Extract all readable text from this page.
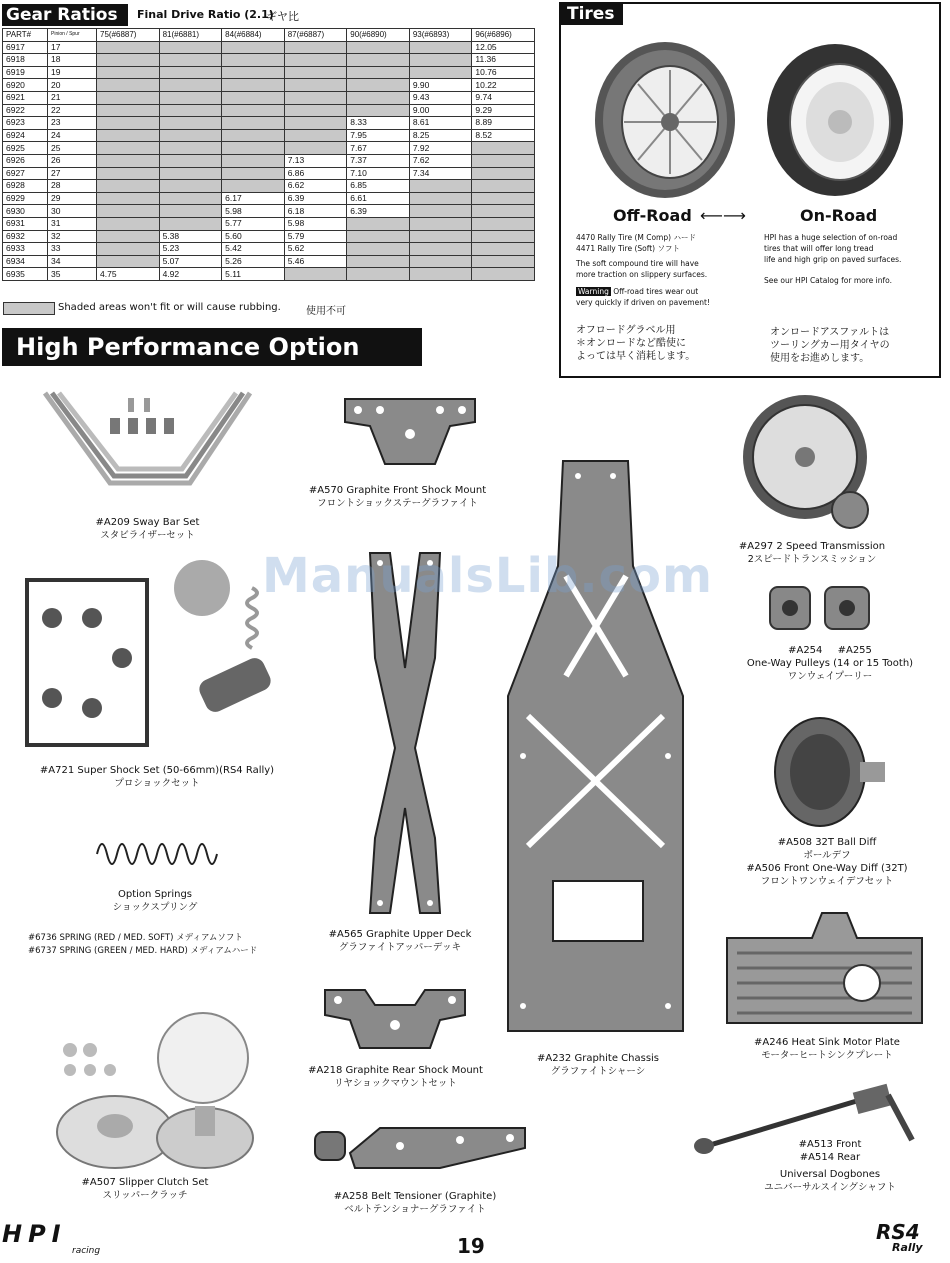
Gear Ratios	Final Drive Ratio (2.1)
ギヤ比
PART#	Pinion / Spur	75(#6887)	81(#6881)	84(#6884)	87(#6887)	90(#6890)	93(#6893)	96(#6896)
6917	17							12.05
6918	18							11.36
6919	19							10.76
6920	20						9.90	10.22
6921	21						9.43	9.74
6922	22						9.00	9.29
6923	23					8.33	8.61	8.89
6924	24					7.95	8.25	8.52
6925	25					7.67	7.92	
6926	26				7.13	7.37	7.62	
6927	27				6.86	7.10	7.34	
6928	28				6.62	6.85		
6929	29			6.17	6.39	6.61		
6930	30			5.98	6.18	6.39		
6931	31			5.77	5.98			
6932	32		5.38	5.60	5.79			
6933	33		5.23	5.42	5.62			
6934	34		5.07	5.26	5.46			
6935	35	4.75	4.92	5.11				
Shaded areas won't fit or will cause rubbing.	使用不可
Tires
Off-Road ⟵⟶	On-Road
4470 Rally Tire (M Comp) ハード
4471 Rally Tire (Soft) ソフト
The soft compound tire will have
more traction on slippery surfaces.
Warning Off-road tires wear out
very quickly if driven on pavement!
HPI has a huge selection of on-road
tires that will offer long tread
life and high grip on paved surfaces.
See our HPI Catalog for more info.
オフロードグラベル用
＊オンロードなど酷使に
よっては早く消耗します。
オンロードアスファルトは
ツーリングカー用タイヤの
使用をお進めします。
High Performance Option Parts
#A209 Sway Bar Set
スタビライザーセット
#A570 Graphite Front Shock Mount
フロントショックステーグラファイト
#A297 2 Speed Transmission
2スピードトランスミッション
#A254 #A255
One-Way Pulleys (14 or 15 Tooth)
ワンウェイプーリー
#A721 Super Shock Set (50-66mm)(RS4 Rally)
プロショックセット
Option Springs
ショックスプリング
#6736 SPRING (RED / MED. SOFT) メディアムソフト
#6737 SPRING (GREEN / MED. HARD) メディアムハード
#A565 Graphite Upper Deck
グラファイトアッパーデッキ
#A232 Graphite Chassis
グラファイトシャーシ
#A508 32T Ball Diff
ボールデフ
#A506 Front One-Way Diff (32T)
フロントワンウェイデフセット
#A246 Heat Sink Motor Plate
モーターヒートシンクプレート
#A218 Graphite Rear Shock Mount
リヤショックマウントセット
#A507 Slipper Clutch Set
スリッパークラッチ	#A258 Belt Tensioner (Graphite)
ベルトテンショナーグラファイト
#A513 Front
#A514 Rear
Universal Dogbones
ユニバーサルスイングシャフト
ManualsLib.com
HPI
racing	19
RS4
Rally
